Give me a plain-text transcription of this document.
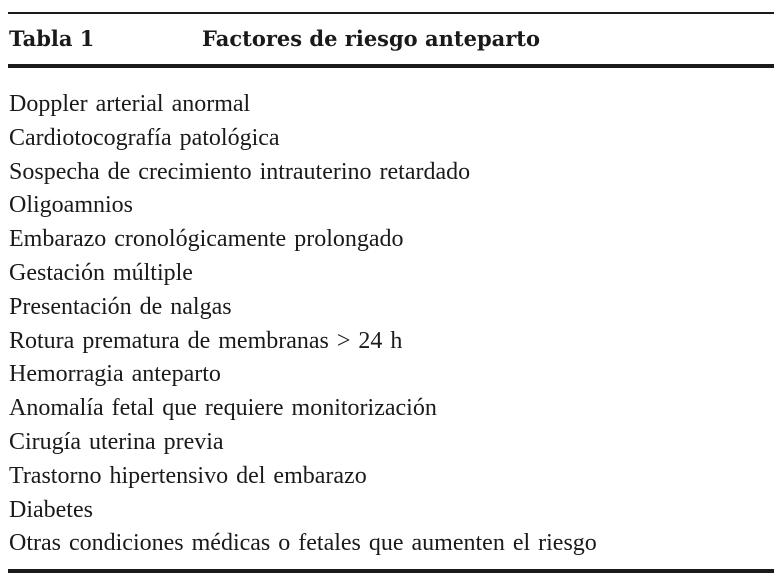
Tabla 1	Factores de riesgo anteparto
Doppler arterial anormal
Cardiotocografía patológica
Sospecha de crecimiento intrauterino retardado
Oligoamnios
Embarazo cronológicamente prolongado
Gestación múltiple
Presentación de nalgas
Rotura prematura de membranas > 24 h
Hemorragia anteparto
Anomalía fetal que requiere monitorización
Cirugía uterina previa
Trastorno hipertensivo del embarazo
Diabetes
Otras condiciones médicas o fetales que aumenten el riesgo
